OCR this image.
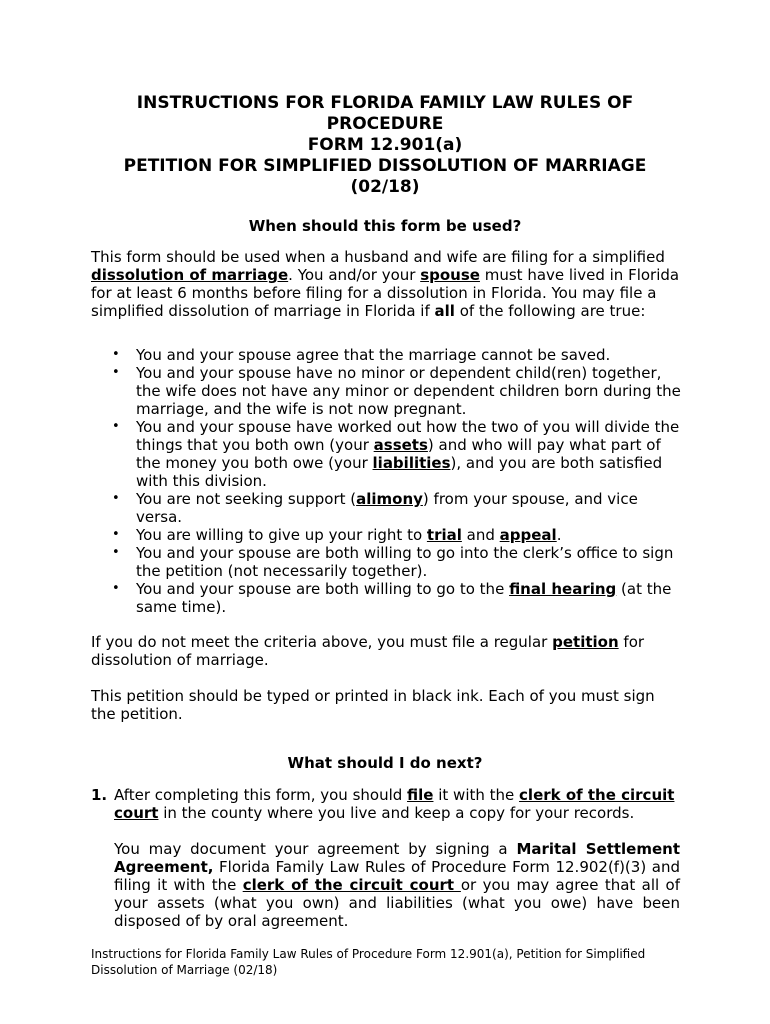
INSTRUCTIONS FOR FLORIDA FAMILY LAW RULES OF
PROCEDURE
FORM 12.901(a)
PETITION FOR SIMPLIFIED DISSOLUTION OF MARRIAGE
(02/18)
When should this form be used?
This form should be used when a husband and wife are filing for a simplified dissolution of marriage. You and/or your spouse must have lived in Florida for at least 6 months before filing for a dissolution in Florida. You may file a simplified dissolution of marriage in Florida if all of the following are true:
• You and your spouse agree that the marriage cannot be saved.
• You and your spouse have no minor or dependent child(ren) together, the wife does not have any minor or dependent children born during the marriage, and the wife is not now pregnant.
• You and your spouse have worked out how the two of you will divide the things that you both own (your assets) and who will pay what part of the money you both owe (your liabilities), and you are both satisfied with this division.
• You are not seeking support (alimony) from your spouse, and vice versa.
• You are willing to give up your right to trial and appeal.
• You and your spouse are both willing to go into the clerk’s office to sign the petition (not necessarily together).
• You and your spouse are both willing to go to the final hearing (at the same time).
If you do not meet the criteria above, you must file a regular petition for dissolution of marriage.
This petition should be typed or printed in black ink. Each of you must sign the petition.
What should I do next?
1. After completing this form, you should file it with the clerk of the circuit court in the county where you live and keep a copy for your records.
You may document your agreement by signing a Marital Settlement Agreement, Florida Family Law Rules of Procedure Form 12.902(f)(3) and filing it with the clerk of the circuit court or you may agree that all of your assets (what you own) and liabilities (what you owe) have been disposed of by oral agreement.
Instructions for Florida Family Law Rules of Procedure Form 12.901(a), Petition for Simplified
Dissolution of Marriage (02/18)
